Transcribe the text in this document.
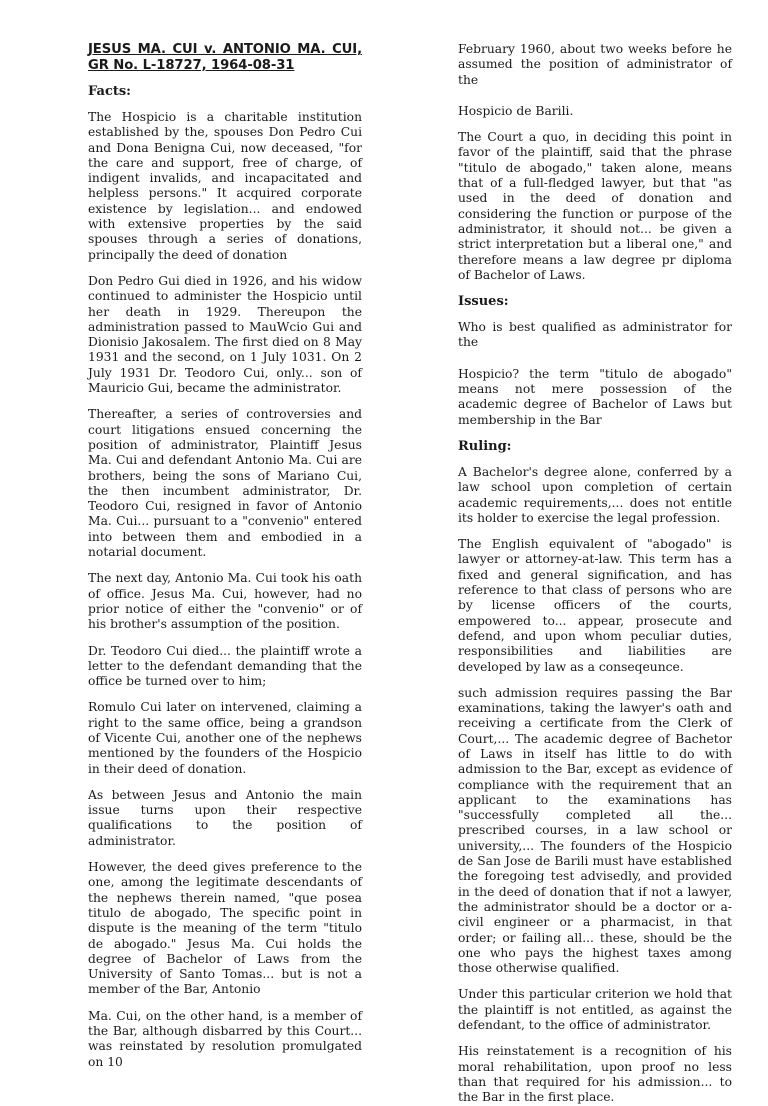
JESUS MA. CUI v. ANTONIO MA. CUI, GR No. L-18727, 1964-08-31

Facts:

The Hospicio is a charitable institution established by the, spouses Don Pedro Cui and Dona Benigna Cui, now deceased, "for the care and support, free of charge, of indigent invalids, and incapacitated and helpless persons." It acquired corporate existence by legislation... and endowed with extensive properties by the said spouses through a series of donations, principally the deed of donation

Don Pedro Gui died in 1926, and his widow continued to administer the Hospicio until her death in 1929. Thereupon the administration passed to MauWcio Gui and Dionisio Jakosalem. The first died on 8 May 1931 and the second, on 1 July 1031. On 2 July 1931 Dr. Teodoro Cui, only... son of Mauricio Gui, became the administrator.

Thereafter, a series of controversies and court litigations ensued concerning the position of administrator, Plaintiff Jesus Ma. Cui and defendant Antonio Ma. Cui are brothers, being the sons of Mariano Cui, the then incumbent administrator, Dr. Teodoro Cui, resigned in favor of Antonio Ma. Cui... pursuant to a "convenio" entered into between them and embodied in a notarial document.

The next day, Antonio Ma. Cui took his oath of office. Jesus Ma. Cui, however, had no prior notice of either the "convenio" or of his brother's assumption of the position.

Dr. Teodoro Cui died... the plaintiff wrote a letter to the defendant demanding that the office be turned over to him;

Romulo Cui later on intervened, claiming a right to the same office, being a grandson of Vicente Cui, another one of the nephews mentioned by the founders of the Hospicio in their deed of donation.

As between Jesus and Antonio the main issue turns upon their respective qualifications to the position of administrator.

However, the deed gives preference to the one, among the legitimate descendants of the nephews therein named, "que posea titulo de abogado, The specific point in dispute is the meaning of the term "titulo de abogado." Jesus Ma. Cui holds the degree of Bachelor of Laws from the University of Santo Tomas... but is not a member of the Bar, Antonio

Ma. Cui, on the other hand, is a member of the Bar, although disbarred by this Court... was reinstated by resolution promulgated on 10

February 1960, about two weeks before he assumed the position of administrator of the

Hospicio de Barili.

The Court a quo, in deciding this point in favor of the plaintiff, said that the phrase "titulo de abogado," taken alone, means that of a full-fledged lawyer, but that "as used in the deed of donation and considering the function or purpose of the administrator, it should not... be given a strict interpretation but a liberal one," and therefore means a law degree pr diploma of Bachelor of Laws.

Issues:

Who is best qualified as administrator for the

Hospicio? the term "titulo de abogado" means not mere possession of the academic degree of Bachelor of Laws but membership in the Bar

Ruling:

A Bachelor's degree alone, conferred by a law school upon completion of certain academic requirements,... does not entitle its holder to exercise the legal profession.

The English equivalent of "abogado" is lawyer or attorney-at-law. This term has a fixed and general signification, and has reference to that class of persons who are by license officers of the courts, empowered to... appear, prosecute and defend, and upon whom peculiar duties, responsibilities and liabilities are developed by law as a conseqeunce.

such admission requires passing the Bar examinations, taking the lawyer's oath and receiving a certificate from the Clerk of Court,... The academic degree of Bachetor of Laws in itself has little to do with admission to the Bar, except as evidence of compliance with the requirement that an applicant to the examinations has "successfully completed all the... prescribed courses, in a law school or university,... The founders of the Hospicio de San Jose de Barili must have established the foregoing test advisedly, and provided in the deed of donation that if not a lawyer, the administrator should be a doctor or a- civil engineer or a pharmacist, in that order; or failing all... these, should be the one who pays the highest taxes among those otherwise qualified.

Under this particular criterion we hold that the plaintiff is not entitled, as against the defendant, to the office of administrator.

His reinstatement is a recognition of his moral rehabilitation, upon proof no less than that required for his admission... to the Bar in the first place.
